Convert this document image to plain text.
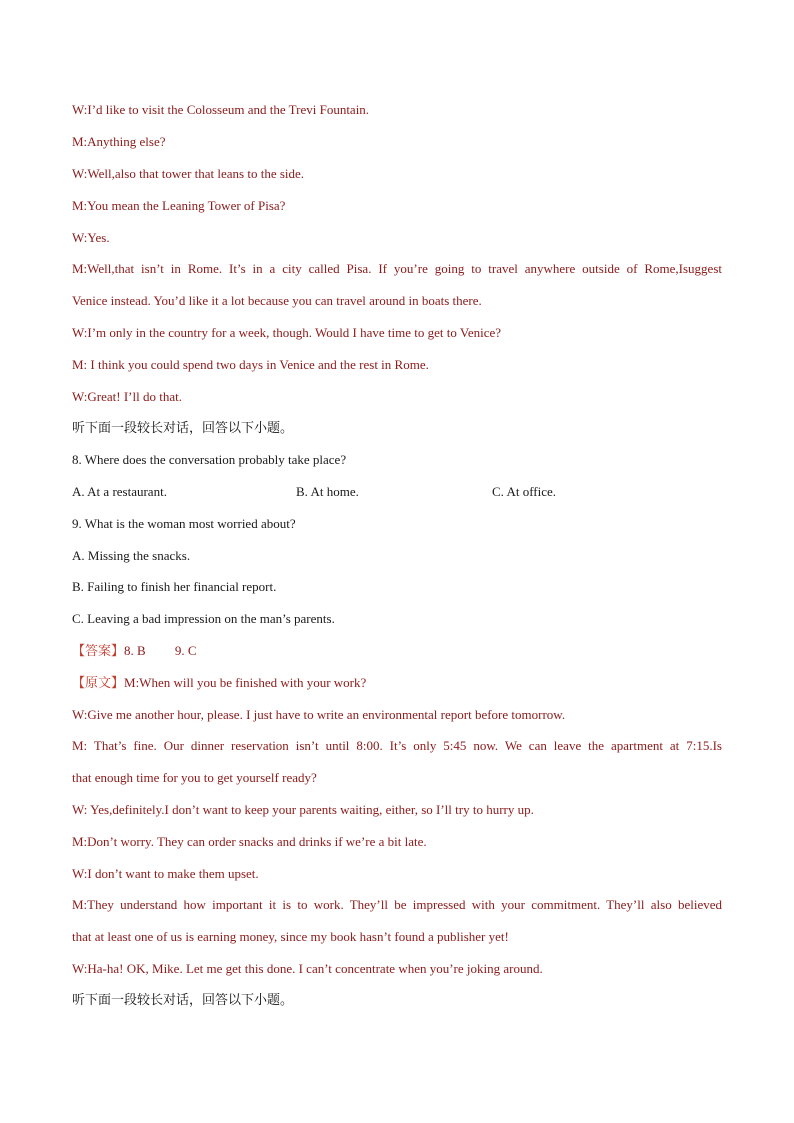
W:I’d like to visit the Colosseum and the Trevi Fountain.
M:Anything else?
W:Well,also that tower that leans to the side.
M:You mean the Leaning Tower of Pisa?
W:Yes.
M:Well,that isn’t in Rome. It’s in a city called Pisa. If you’re going to travel anywhere outside of Rome,Isuggest
Venice instead. You’d like it a lot because you can travel around in boats there.
W:I’m only in the country for a week, though. Would I have time to get to Venice?
M: I think you could spend two days in Venice and the rest in Rome.
W:Great! I’ll do that.
听下面一段较长对话，回答以下小题。
8. Where does the conversation probably take place?
A. At a restaurant.	B. At home.	C. At office.
9. What is the woman most worried about?
A. Missing the snacks.
B. Failing to finish her financial report.
C. Leaving a bad impression on the man’s parents.
【答案】8. B         9. C
【原文】M:When will you be finished with your work?
W:Give me another hour, please. I just have to write an environmental report before tomorrow.
M: That’s fine. Our dinner reservation isn’t until 8:00. It’s only 5:45 now. We can leave the apartment at 7:15.Is
that enough time for you to get yourself ready?
W: Yes,definitely.I don’t want to keep your parents waiting, either, so I’ll try to hurry up.
M:Don’t worry. They can order snacks and drinks if we’re a bit late.
W:I don’t want to make them upset.
M:They understand how important it is to work. They’ll be impressed with your commitment. They’ll also believed
that at least one of us is earning money, since my book hasn’t found a publisher yet!
W:Ha-ha! OK, Mike. Let me get this done. I can’t concentrate when you’re joking around.
听下面一段较长对话，回答以下小题。
